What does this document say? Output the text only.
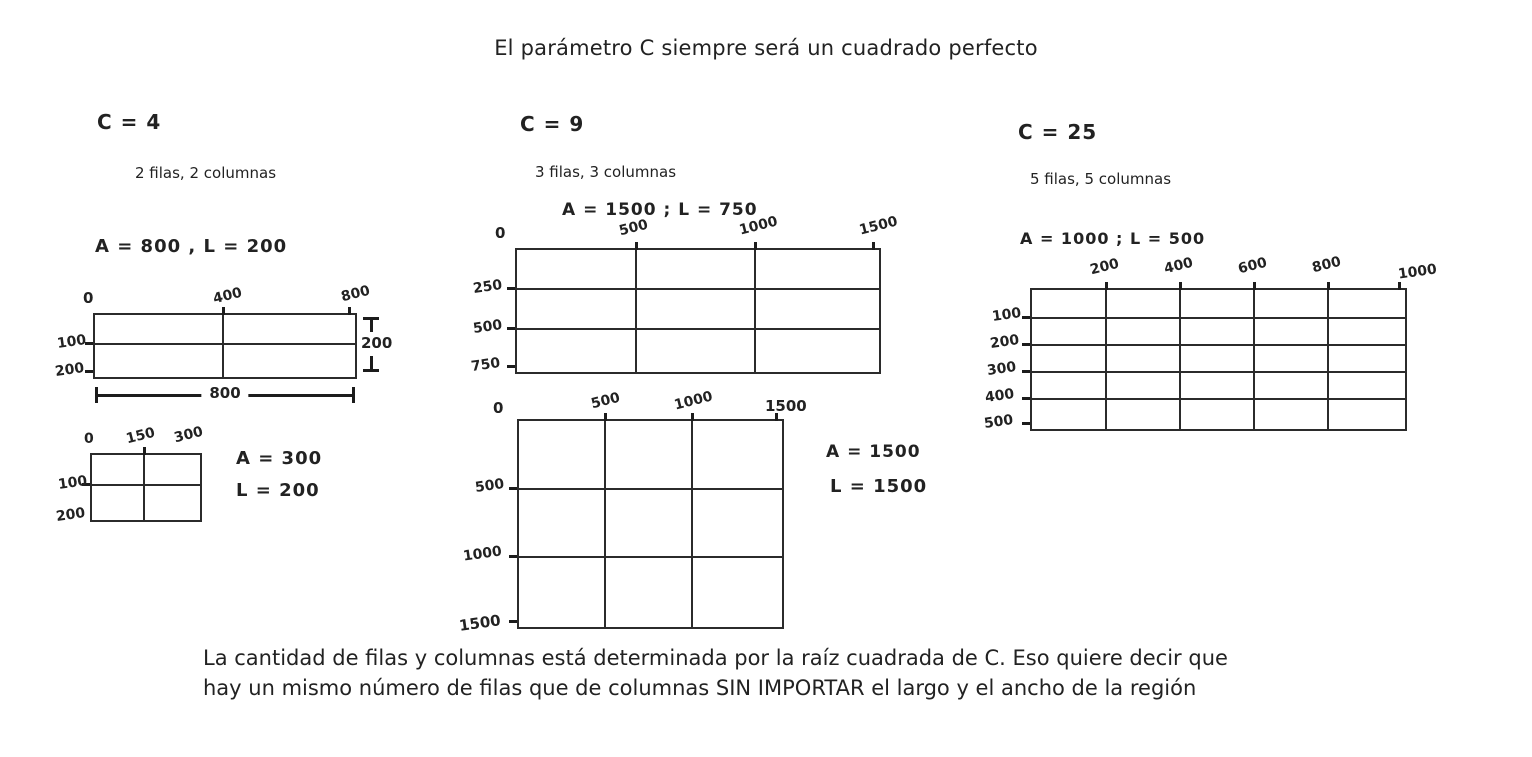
El parámetro C siempre será un cuadrado perfecto
C = 4
2 filas, 2 columnas
A = 800 , L = 200
0	400	800
100
200
200
800
0 150 300
100
200
A = 300
L = 200
C = 9
3 filas, 3 columnas
A = 1500 ; L = 750
0	500	1000	1500
250
500
750
0	500	1000	1500
500
1000
1500
A = 1500
L = 1500
C = 25
5 filas, 5 columnas
A = 1000 ; L = 500
200	400	600	800	1000
100
200
300
400
500
La cantidad de filas y columnas está determinada por la raíz cuadrada de C. Eso quiere decir que
hay un mismo número de filas que de columnas SIN IMPORTAR el largo y el ancho de la región
